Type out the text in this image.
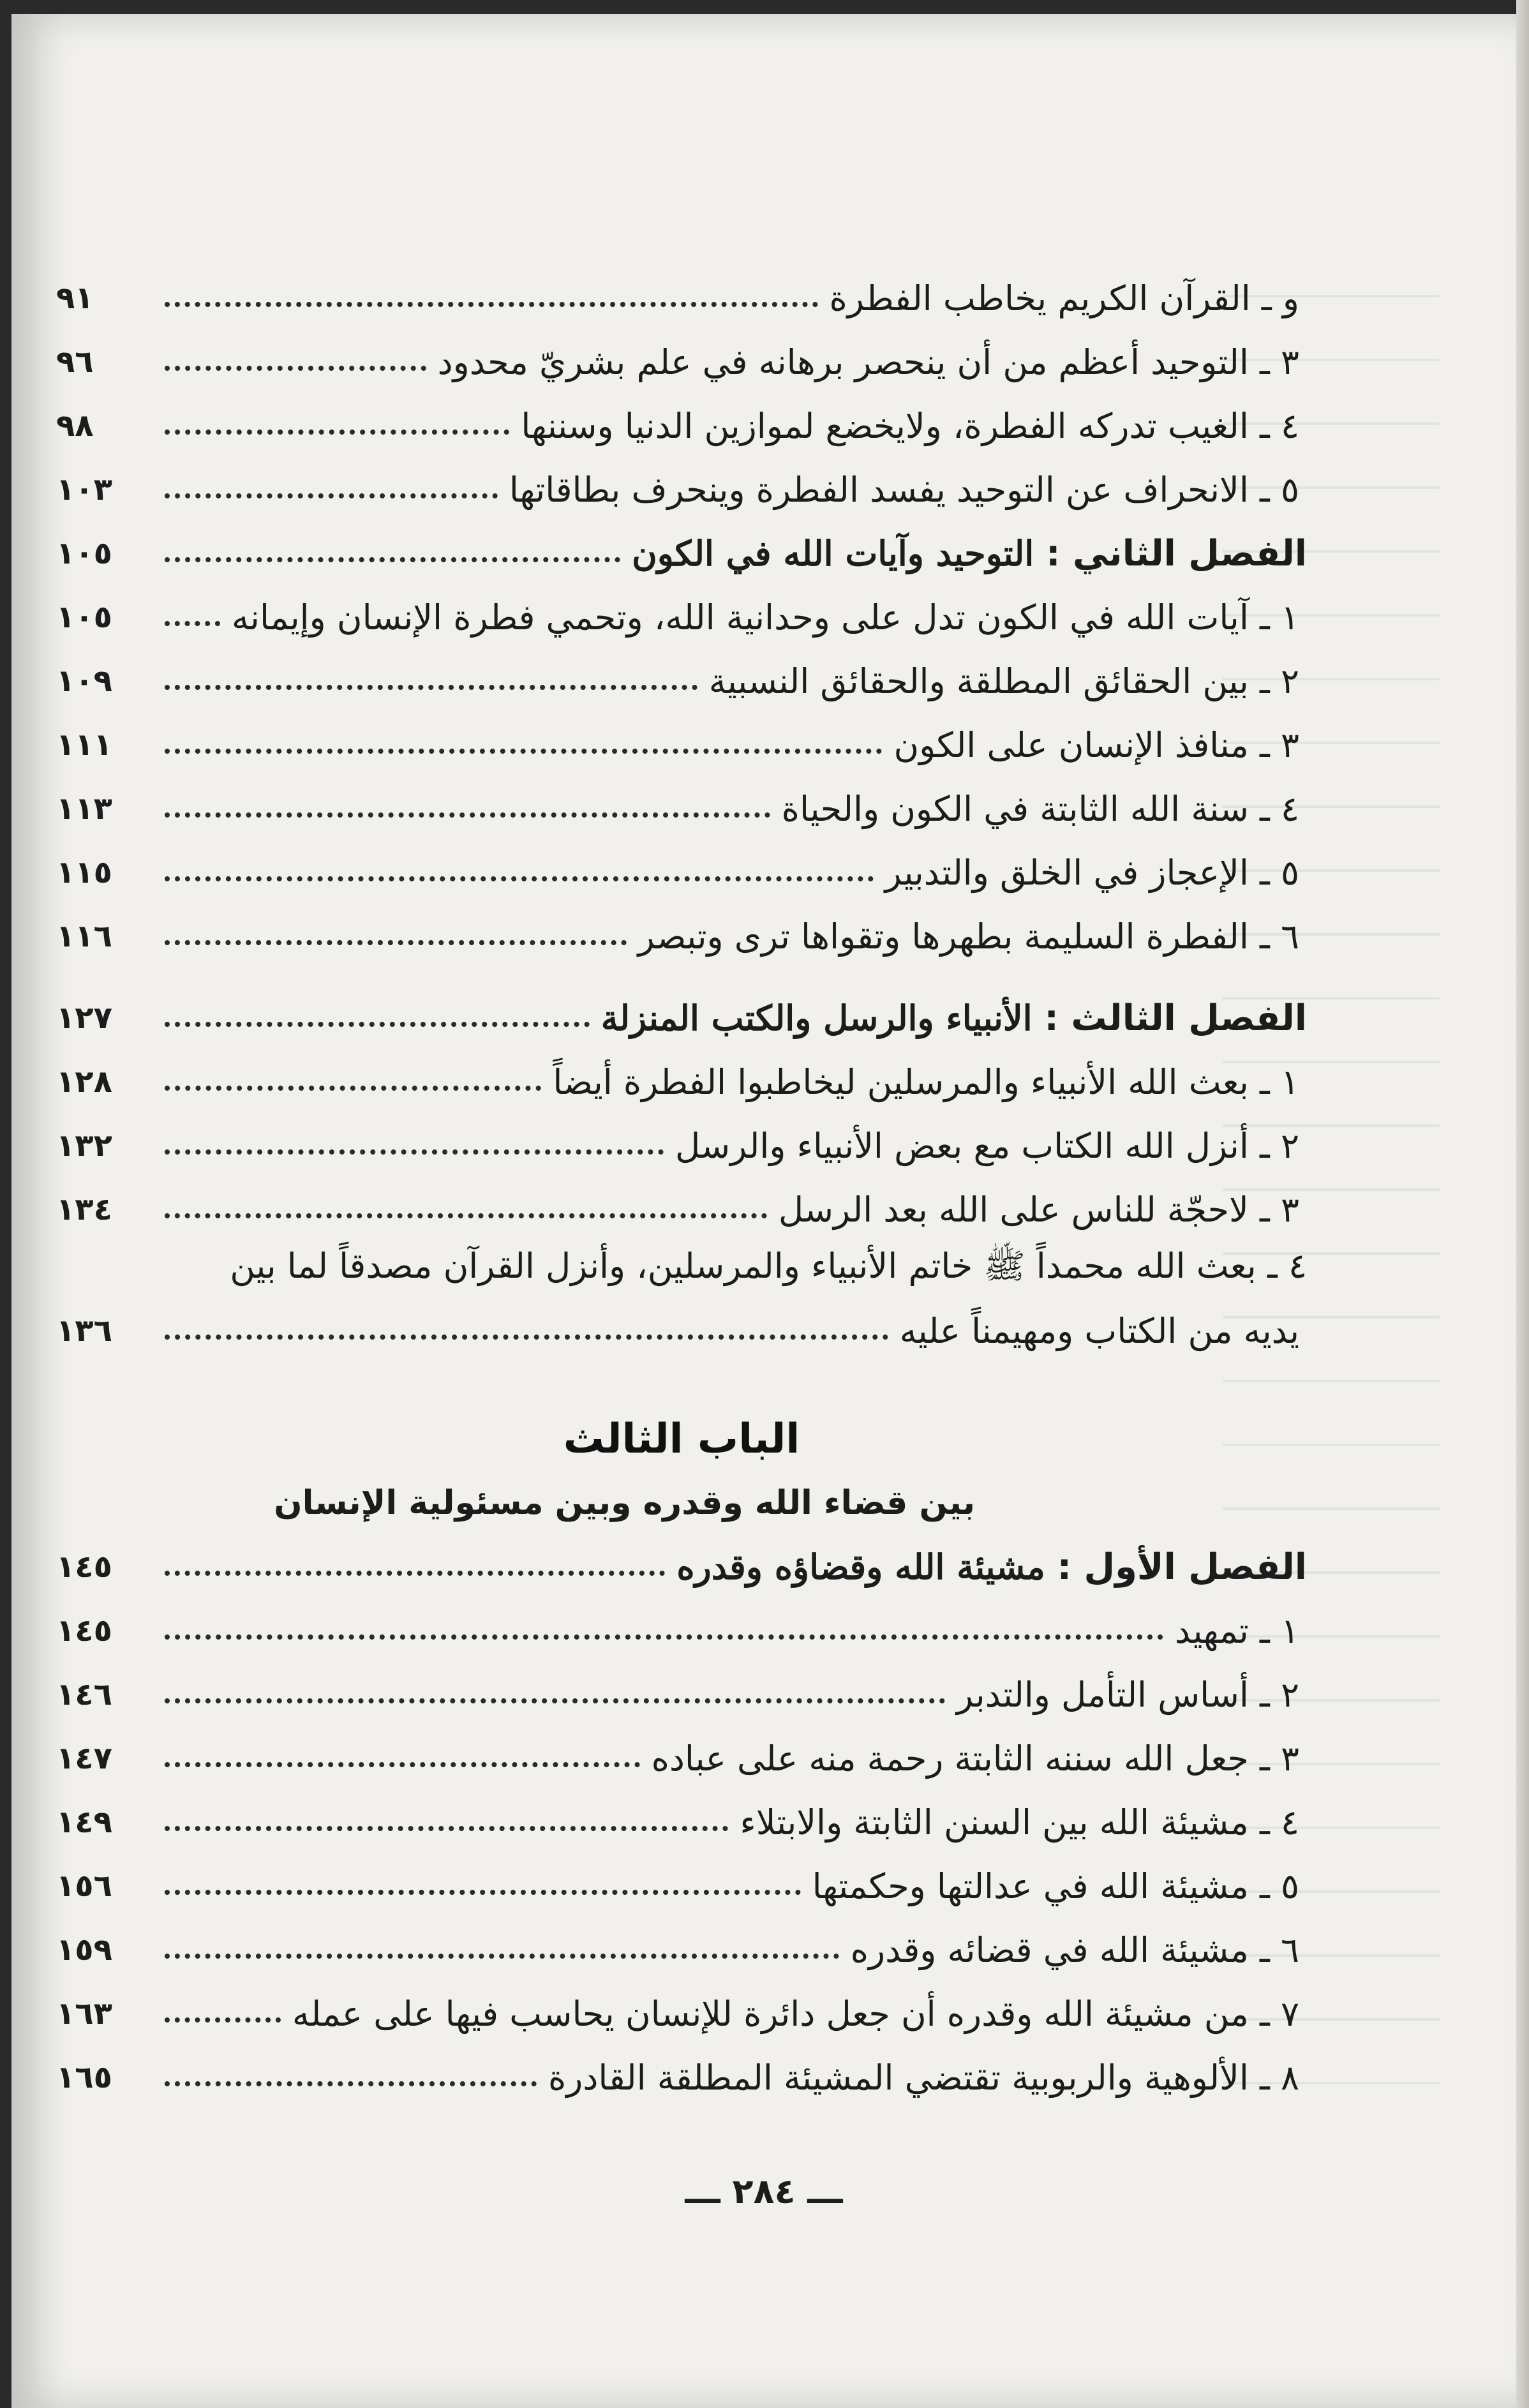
و ـ القرآن الكريم يخاطب الفطرة
٩١
٣ ـ التوحيد أعظم من أن ينحصر برهانه في علم بشريّ محدود
٩٦
٤ ـ الغيب تدركه الفطرة، ولايخضع لموازين الدنيا وسننها
٩٨
٥ ـ الانحراف عن التوحيد يفسد الفطرة وينحرف بطاقاتها
١٠٣
الفصل الثاني : التوحيد وآيات الله في الكون
١٠٥
١ ـ آيات الله في الكون تدل على وحدانية الله، وتحمي فطرة الإنسان وإيمانه
١٠٥
٢ ـ بين الحقائق المطلقة والحقائق النسبية
١٠٩
٣ ـ منافذ الإنسان على الكون
١١١
٤ ـ سنة الله الثابتة في الكون والحياة
١١٣
٥ ـ الإعجاز في الخلق والتدبير
١١٥
٦ ـ الفطرة السليمة بطهرها وتقواها ترى وتبصر
١١٦
الفصل الثالث : الأنبياء والرسل والكتب المنزلة
١٢٧
١ ـ بعث الله الأنبياء والمرسلين ليخاطبوا الفطرة أيضاً
١٢٨
٢ ـ أنزل الله الكتاب مع بعض الأنبياء والرسل
١٣٢
٣ ـ لاحجّة للناس على الله بعد الرسل
١٣٤
٤ ـ بعث الله محمداً ﷺ خاتم الأنبياء والمرسلين، وأنزل القرآن مصدقاً لما بين
يديه من الكتاب ومهيمناً عليه
١٣٦
الباب الثالث
بين قضاء الله وقدره وبين مسئولية الإنسان
الفصل الأول : مشيئة الله وقضاؤه وقدره
١٤٥
١ ـ تمهيد
١٤٥
٢ ـ أساس التأمل والتدبر
١٤٦
٣ ـ جعل الله سننه الثابتة رحمة منه على عباده
١٤٧
٤ ـ مشيئة الله بين السنن الثابتة والابتلاء
١٤٩
٥ ـ مشيئة الله في عدالتها وحكمتها
١٥٦
٦ ـ مشيئة الله في قضائه وقدره
١٥٩
٧ ـ من مشيئة الله وقدره أن جعل دائرة للإنسان يحاسب فيها على عمله
١٦٣
٨ ـ الألوهية والربوبية تقتضي المشيئة المطلقة القادرة
١٦٥
ـــ ٢٨٤ ـــ
